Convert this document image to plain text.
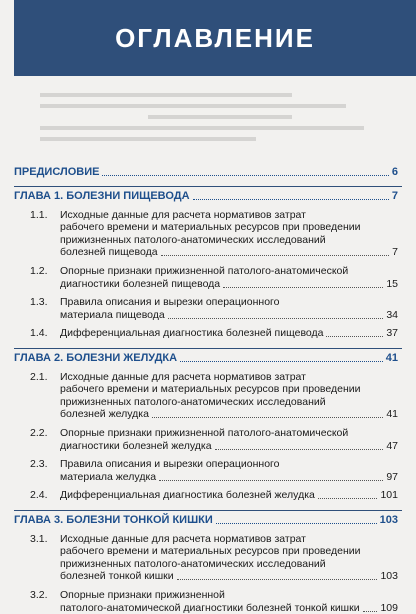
ОГЛАВЛЕНИЕ
ПРЕДИСЛОВИЕ	6
ГЛАВА 1. БОЛЕЗНИ ПИЩЕВОДА	7
1.1.	Исходные данные для расчета нормативов затрат
рабочего времени и материальных ресурсов при проведении
прижизненных патолого-анатомических исследований
болезней пищевода	7
1.2.	Опорные признаки прижизненной патолого-анатомической
диагностики болезней пищевода	15
1.3.	Правила описания и вырезки операционного
материала пищевода	34
1.4.	Дифференциальная диагностика болезней пищевода	37
ГЛАВА 2. БОЛЕЗНИ ЖЕЛУДКА	41
2.1.	Исходные данные для расчета нормативов затрат
рабочего времени и материальных ресурсов при проведении
прижизненных патолого-анатомических исследований
болезней желудка	41
2.2.	Опорные признаки прижизненной патолого-анатомической
диагностики болезней желудка	47
2.3.	Правила описания и вырезки операционного
материала желудка	97
2.4.	Дифференциальная диагностика болезней желудка	101
ГЛАВА 3. БОЛЕЗНИ ТОНКОЙ КИШКИ	103
3.1.	Исходные данные для расчета нормативов затрат
рабочего времени и материальных ресурсов при проведении
прижизненных патолого-анатомических исследований
болезней тонкой кишки	103
3.2.	Опорные признаки прижизненной
патолого-анатомической диагностики болезней тонкой кишки 109
